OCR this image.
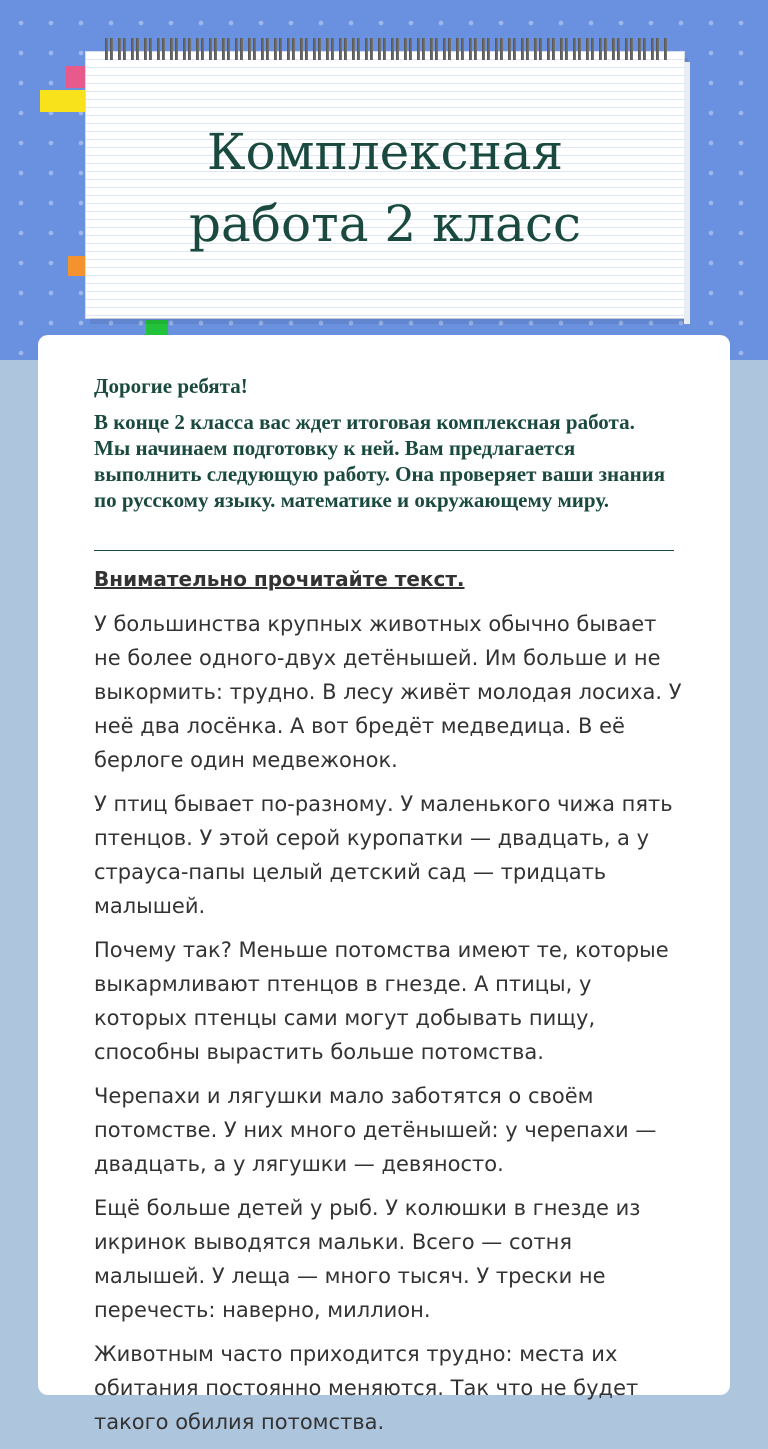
Комплексная работа 2 класс

Дорогие ребята!

В конце 2 класса вас ждет итоговая комплексная работа. Мы начинаем подготовку к ней. Вам предлагается выполнить следующую работу. Она проверяет ваши знания по русскому языку. математике и окружающему миру.

Внимательно прочитайте текст.

У большинства крупных животных обычно бывает не более одного-двух детёнышей. Им больше и не выкормить: трудно. В лесу живёт молодая лосиха. У неё два лосёнка. А вот бредёт медведица. В её берлоге один медвежонок.

У птиц бывает по-разному. У маленького чижа пять птенцов. У этой серой куропатки — двадцать, а у страуса-папы целый детский сад — тридцать малышей.

Почему так? Меньше потомства имеют те, которые выкармливают птенцов в гнезде. А птицы, у которых птенцы сами могут добывать пищу, способны вырастить больше потомства.

Черепахи и лягушки мало заботятся о своём потомстве. У них много детёнышей: у черепахи — двадцать, а у лягушки — девяносто.

Ещё больше детей у рыб. У колюшки в гнезде из икринок выводятся мальки. Всего — сотня малышей. У леща — много тысяч. У трески не перечесть: наверно, миллион.

Животным часто приходится трудно: места их обитания постоянно меняются. Так что не будет такого обилия потомства.
